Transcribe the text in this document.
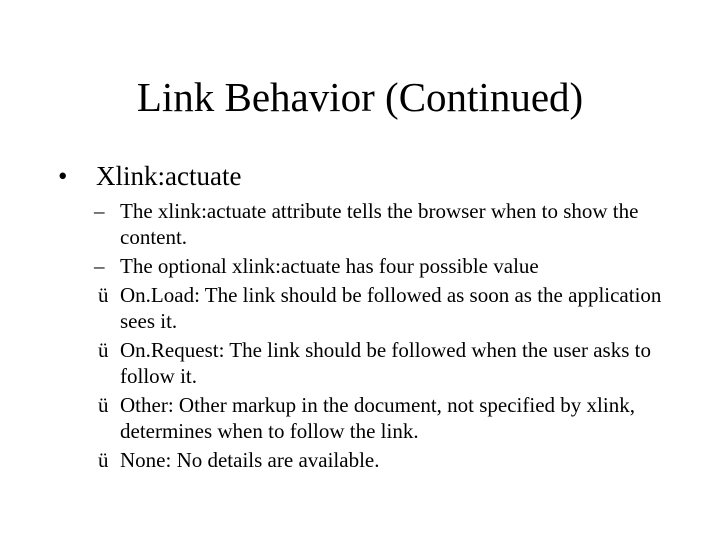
Link Behavior (Continued)
• Xlink:actuate
– The xlink:actuate attribute tells the browser when to show the content.
– The optional xlink:actuate has four possible value
ü On.Load: The link should be followed as soon as the application sees it.
ü On.Request: The link should be followed when the user asks to follow it.
ü Other: Other markup in the document, not specified by xlink, determines when to follow the link.
ü None: No details are available.
